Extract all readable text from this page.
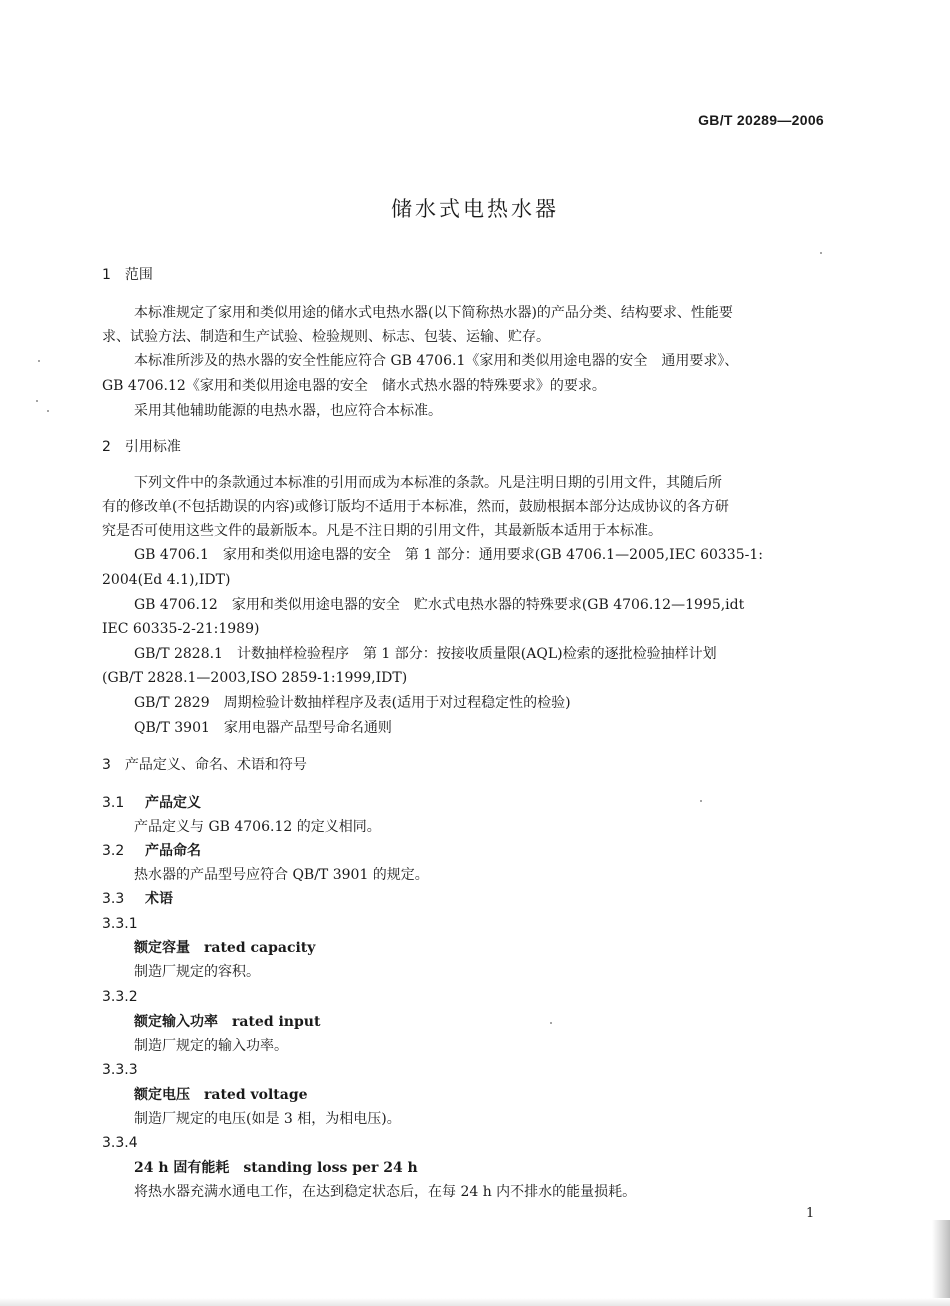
GB/T 20289—2006
储水式电热水器
1　范围
本标准规定了家用和类似用途的储水式电热水器(以下简称热水器)的产品分类、结构要求、性能要
求、试验方法、制造和生产试验、检验规则、标志、包装、运输、贮存。
本标准所涉及的热水器的安全性能应符合 GB 4706.1《家用和类似用途电器的安全　通用要求》、
GB 4706.12《家用和类似用途电器的安全　储水式热水器的特殊要求》的要求。
采用其他辅助能源的电热水器，也应符合本标准。
2　引用标准
下列文件中的条款通过本标准的引用而成为本标准的条款。凡是注明日期的引用文件，其随后所
有的修改单(不包括勘误的内容)或修订版均不适用于本标准，然而，鼓励根据本部分达成协议的各方研
究是否可使用这些文件的最新版本。凡是不注日期的引用文件，其最新版本适用于本标准。
GB 4706.1　家用和类似用途电器的安全　第 1 部分：通用要求(GB 4706.1—2005,IEC 60335-1:
2004(Ed 4.1),IDT)
GB 4706.12　家用和类似用途电器的安全　贮水式电热水器的特殊要求(GB 4706.12—1995,idt
IEC 60335-2-21:1989)
GB/T 2828.1　计数抽样检验程序　第 1 部分：按接收质量限(AQL)检索的逐批检验抽样计划
(GB/T 2828.1—2003,ISO 2859-1:1999,IDT)
GB/T 2829　周期检验计数抽样程序及表(适用于对过程稳定性的检验)
QB/T 3901　家用电器产品型号命名通则
3　产品定义、命名、术语和符号
3.1 产品定义
产品定义与 GB 4706.12 的定义相同。
3.2 产品命名
热水器的产品型号应符合 QB/T 3901 的规定。
3.3 术语
3.3.1
额定容量　rated capacity
制造厂规定的容积。
3.3.2
额定输入功率　rated input
制造厂规定的输入功率。
3.3.3
额定电压　rated voltage
制造厂规定的电压(如是 3 相，为相电压)。
3.3.4
24 h 固有能耗　standing loss per 24 h
将热水器充满水通电工作，在达到稳定状态后，在每 24 h 内不排水的能量损耗。
1
